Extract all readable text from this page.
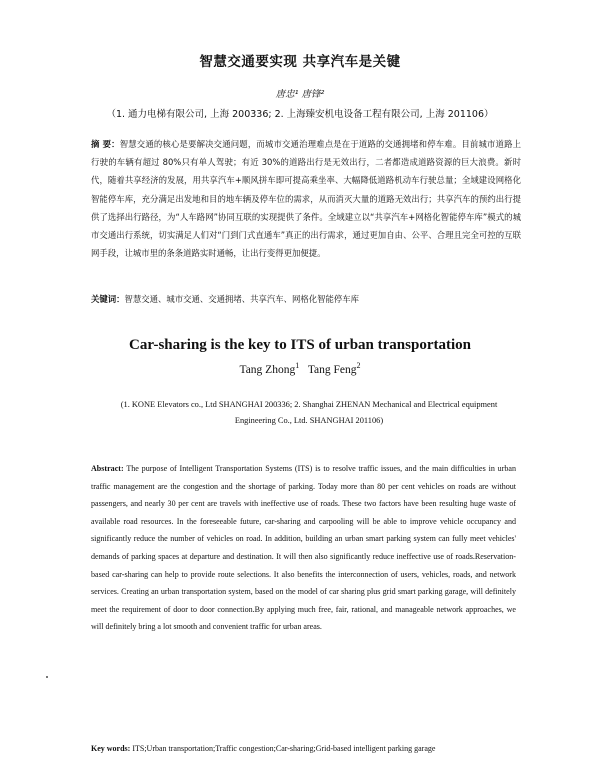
智慧交通要实现 共享汽车是关键
唐忠¹ 唐锋²
（1. 通力电梯有限公司, 上海 200336; 2. 上海臻安机电设备工程有限公司, 上海 201106）
摘 要：智慧交通的核心是要解决交通问题，而城市交通治理难点是在于道路的交通拥堵和停车难。目前城市道路上行驶的车辆有超过 80%只有单人驾驶；有近 30%的道路出行是无效出行，二者都造成道路资源的巨大浪费。新时代，随着共享经济的发展，用共享汽车+顺风拼车即可提高乘坐率、大幅降低道路机动车行驶总量；全域建设网格化智能停车库，充分满足出发地和目的地车辆及停车位的需求，从而消灭大量的道路无效出行；共享汽车的预约出行提供了选择出行路径，为“人车路网”协同互联的实现提供了条件。全域建立以“共享汽车+网格化智能停车库”模式的城市交通出行系统，切实满足人们对“门到门式直通车”真正的出行需求，通过更加自由、公平、合理且完全可控的互联网手段，让城市里的条条道路实时通畅，让出行变得更加便捷。
关键词：智慧交通、城市交通、交通拥堵、共享汽车、网格化智能停车库
Car-sharing is the key to ITS of urban transportation
Tang Zhong$^1$ Tang Feng$^2$
(1. KONE Elevators co., Ltd SHANGHAI 200336; 2. Shanghai ZHENAN Mechanical and Electrical equipment Engineering Co., Ltd. SHANGHAI 201106)
Abstract: The purpose of Intelligent Transportation Systems (ITS) is to resolve traffic issues, and the main difficulties in urban traffic management are the congestion and the shortage of parking. Today more than 80 per cent vehicles on roads are without passengers, and nearly 30 per cent are travels with ineffective use of roads. These two factors have been resulting huge waste of available road resources. In the foreseeable future, car-sharing and carpooling will be able to improve vehicle occupancy and significantly reduce the number of vehicles on road. In addition, building an urban smart parking system can fully meet vehicles' demands of parking spaces at departure and destination. It will then also significantly reduce ineffective use of roads.Reservation-based car-sharing can help to provide route selections. It also benefits the interconnection of users, vehicles, roads, and network services. Creating an urban transportation system, based on the model of car sharing plus grid smart parking garage, will definitely meet the requirement of door to door connection.By applying much free, fair, rational, and manageable network approaches, we will definitely bring a lot smooth and convenient traffic for urban areas.
Key words: ITS;Urban transportation;Traffic congestion;Car-sharing;Grid-based intelligent parking garage
